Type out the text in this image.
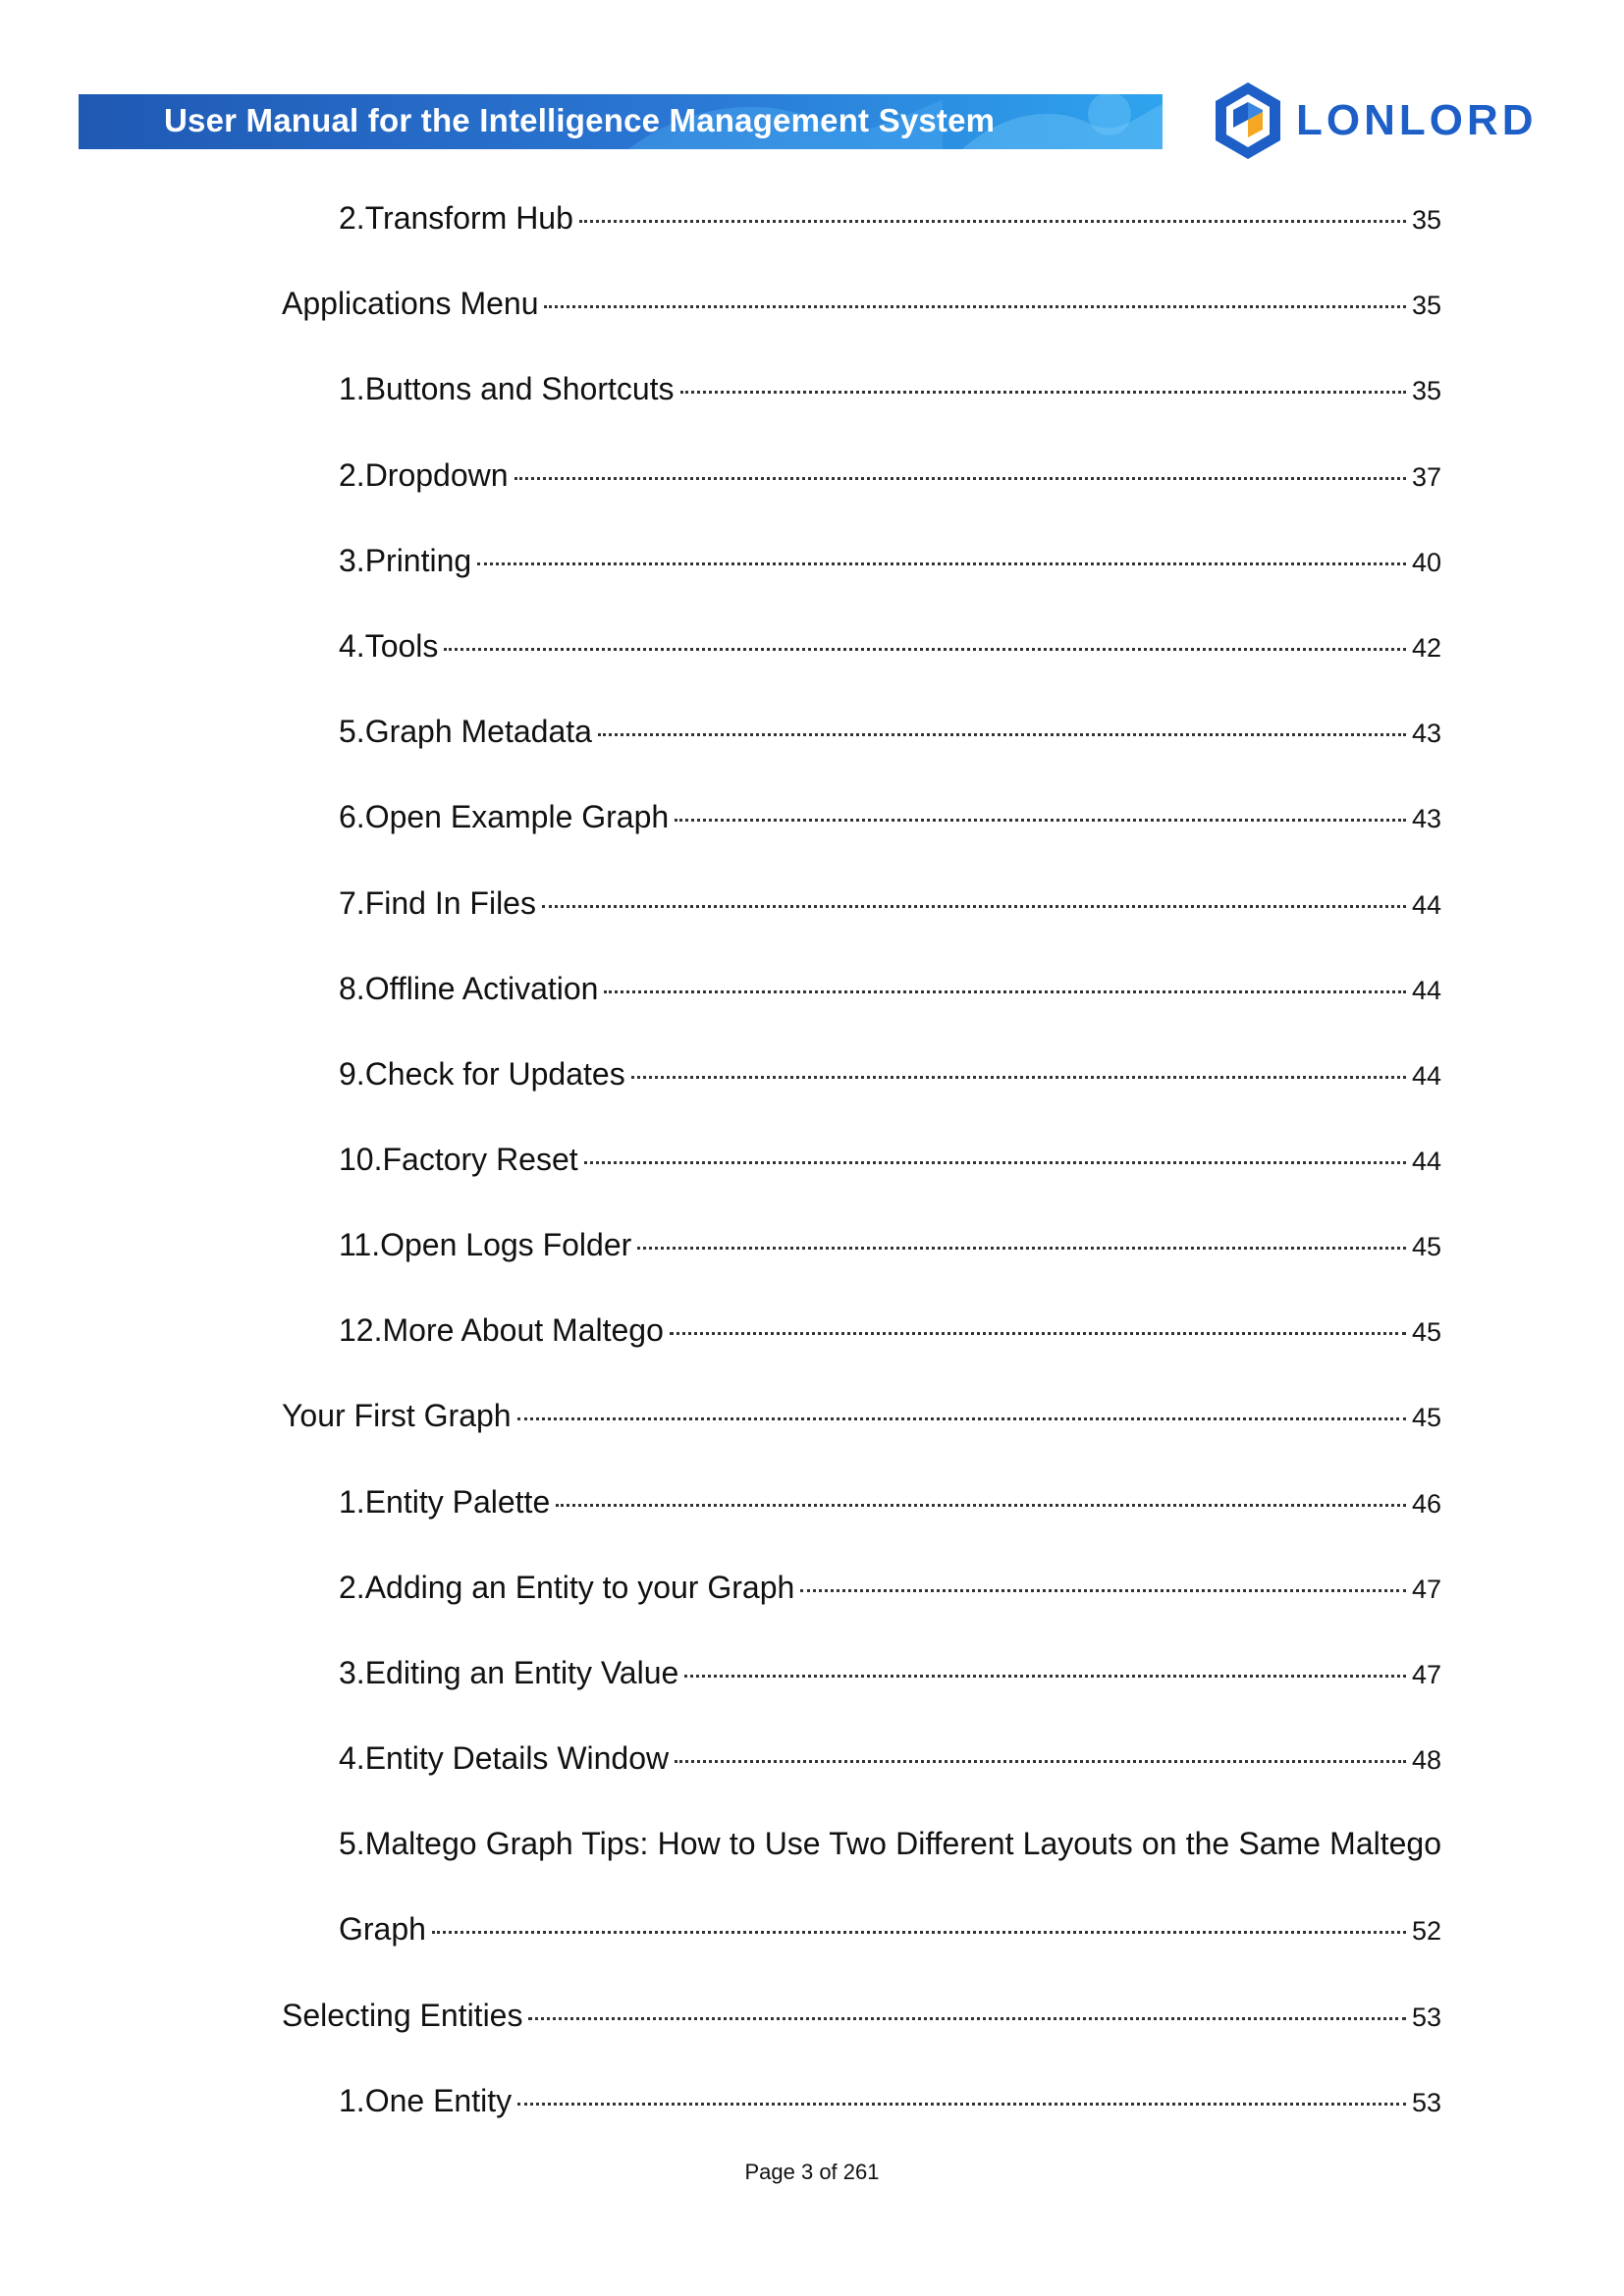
User Manual for the Intelligence Management System	LONLORD
2.Transform Hub	35
Applications Menu	35
1.Buttons and Shortcuts	35
2.Dropdown	37
3.Printing	40
4.Tools	42
5.Graph Metadata	43
6.Open Example Graph	43
7.Find In Files	44
8.Offline Activation	44
9.Check for Updates	44
10.Factory Reset	44
11.Open Logs Folder	45
12.More About Maltego	45
Your First Graph	45
1.Entity Palette	46
2.Adding an Entity to your Graph	47
3.Editing an Entity Value	47
4.Entity Details Window	48
5.Maltego Graph Tips: How to Use Two Different Layouts on the Same Maltego
Graph	52
Selecting Entities	53
1.One Entity	53
Page 3 of 261
